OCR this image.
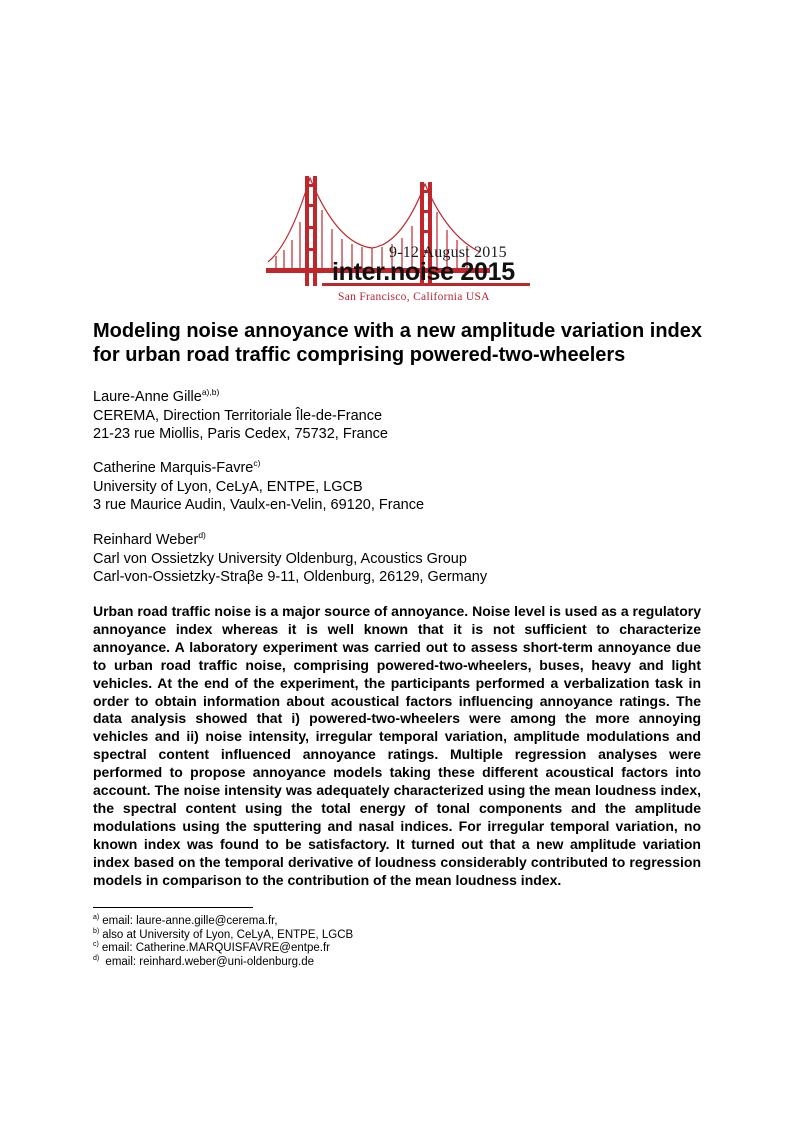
9-12 August 2015
inter.noise 2015
San Francisco, California USA
Modeling noise annoyance with a new amplitude variation index for urban road traffic comprising powered-two-wheelers
Laure-Anne Gille$^{a),b)}$
CEREMA, Direction Territoriale Île-de-France
21-23 rue Miollis, Paris Cedex, 75732, France
Catherine Marquis-Favre$^{c)}$
University of Lyon, CeLyA, ENTPE, LGCB
3 rue Maurice Audin, Vaulx-en-Velin, 69120, France
Reinhard Weber$^{d)}$
Carl von Ossietzky University Oldenburg, Acoustics Group
Carl-von-Ossietzky-Straβe 9-11, Oldenburg, 26129, Germany

Urban road traffic noise is a major source of annoyance. Noise level is used as a regulatory annoyance index whereas it is well known that it is not sufficient to characterize annoyance. A laboratory experiment was carried out to assess short-term annoyance due to urban road traffic noise, comprising powered-two-wheelers, buses, heavy and light vehicles. At the end of the experiment, the participants performed a verbalization task in order to obtain information about acoustical factors influencing annoyance ratings. The data analysis showed that i) powered-two-wheelers were among the more annoying vehicles and ii) noise intensity, irregular temporal variation, amplitude modulations and spectral content influenced annoyance ratings. Multiple regression analyses were performed to propose annoyance models taking these different acoustical factors into account. The noise intensity was adequately characterized using the mean loudness index, the spectral content using the total energy of tonal components and the amplitude modulations using the sputtering and nasal indices. For irregular temporal variation, no known index was found to be satisfactory. It turned out that a new amplitude variation index based on the temporal derivative of loudness considerably contributed to regression models in comparison to the contribution of the mean loudness index.

$^{a)}$ email: laure-anne.gille@cerema.fr,
$^{b)}$ also at University of Lyon, CeLyA, ENTPE, LGCB
$^{c)}$ email: Catherine.MARQUISFAVRE@entpe.fr
$^{d)}$ email: reinhard.weber@uni-oldenburg.de
